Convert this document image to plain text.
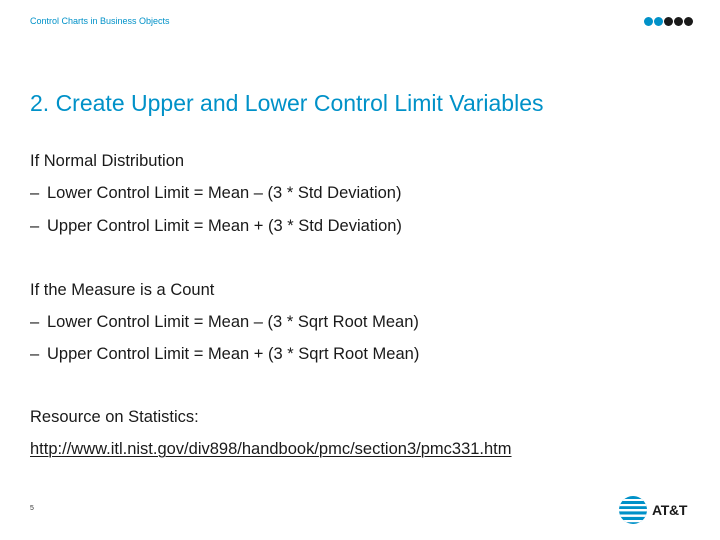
Control Charts in Business Objects
2. Create Upper and Lower Control Limit Variables
If Normal Distribution
– Lower Control Limit = Mean – (3 * Std Deviation)
– Upper Control Limit = Mean + (3 * Std Deviation)
If the Measure is a Count
– Lower Control Limit = Mean – (3 * Sqrt Root Mean)
– Upper Control Limit = Mean + (3 * Sqrt Root Mean)
Resource on Statistics:
http://www.itl.nist.gov/div898/handbook/pmc/section3/pmc331.htm
5	AT&T
